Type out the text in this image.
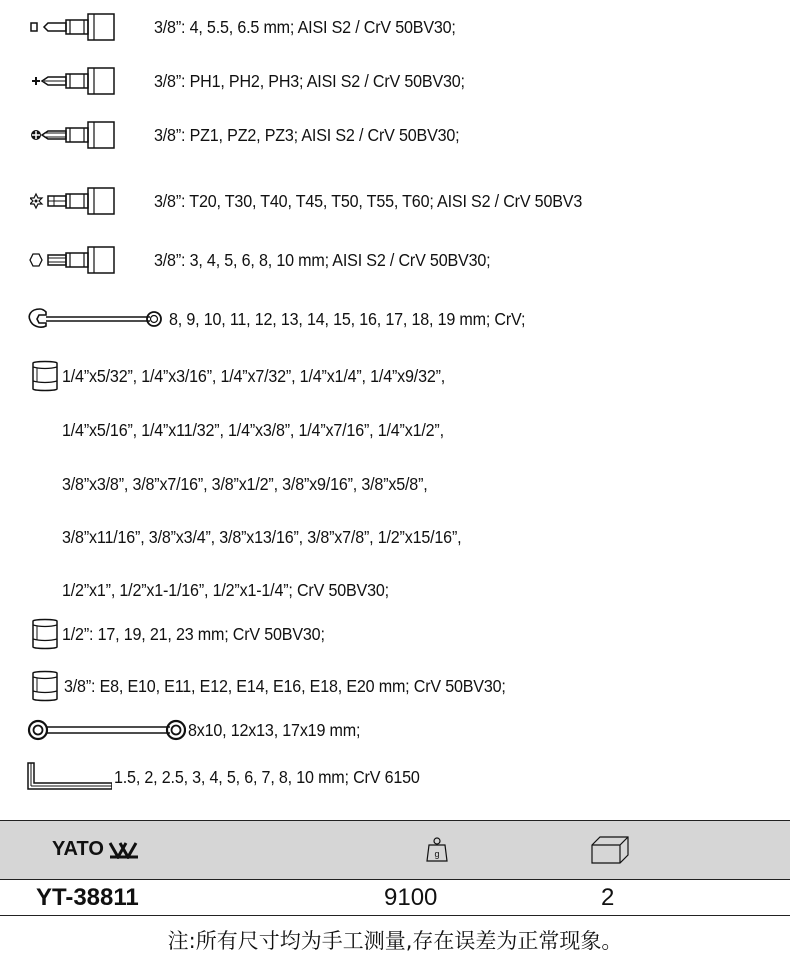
3/8”: 4, 5.5, 6.5 mm; AISI S2 / CrV 50BV30;
3/8”: PH1, PH2, PH3; AISI S2 / CrV 50BV30;
3/8”: PZ1, PZ2, PZ3; AISI S2 / CrV 50BV30;
3/8”: T20, T30, T40, T45, T50, T55, T60; AISI S2 / CrV 50BV3
3/8”: 3, 4, 5, 6, 8, 10 mm; AISI S2 / CrV 50BV30;
8, 9, 10, 11, 12, 13, 14, 15, 16, 17, 18, 19 mm; CrV;
1/4”x5/32”, 1/4”x3/16”, 1/4”x7/32”, 1/4”x1/4”, 1/4”x9/32”,
1/4”x5/16”, 1/4”x11/32”, 1/4”x3/8”, 1/4”x7/16”, 1/4”x1/2”,
3/8”x3/8”, 3/8”x7/16”, 3/8”x1/2”, 3/8”x9/16”, 3/8”x5/8”,
3/8”x11/16”, 3/8”x3/4”, 3/8”x13/16”, 3/8”x7/8”, 1/2”x15/16”,
1/2”x1”, 1/2”x1-1/16”, 1/2”x1-1/4”; CrV 50BV30;
1/2”: 17, 19, 21, 23 mm; CrV 50BV30;
3/8”: E8, E10, E11, E12, E14, E16, E18, E20 mm; CrV 50BV30;
8x10, 12x13, 17x19 mm;
1.5, 2, 2.5, 3, 4, 5, 6, 7, 8, 10 mm; CrV 6150
YATO	g
YT-38811	9100	2
注:所有尺寸均为手工测量,存在误差为正常现象。
